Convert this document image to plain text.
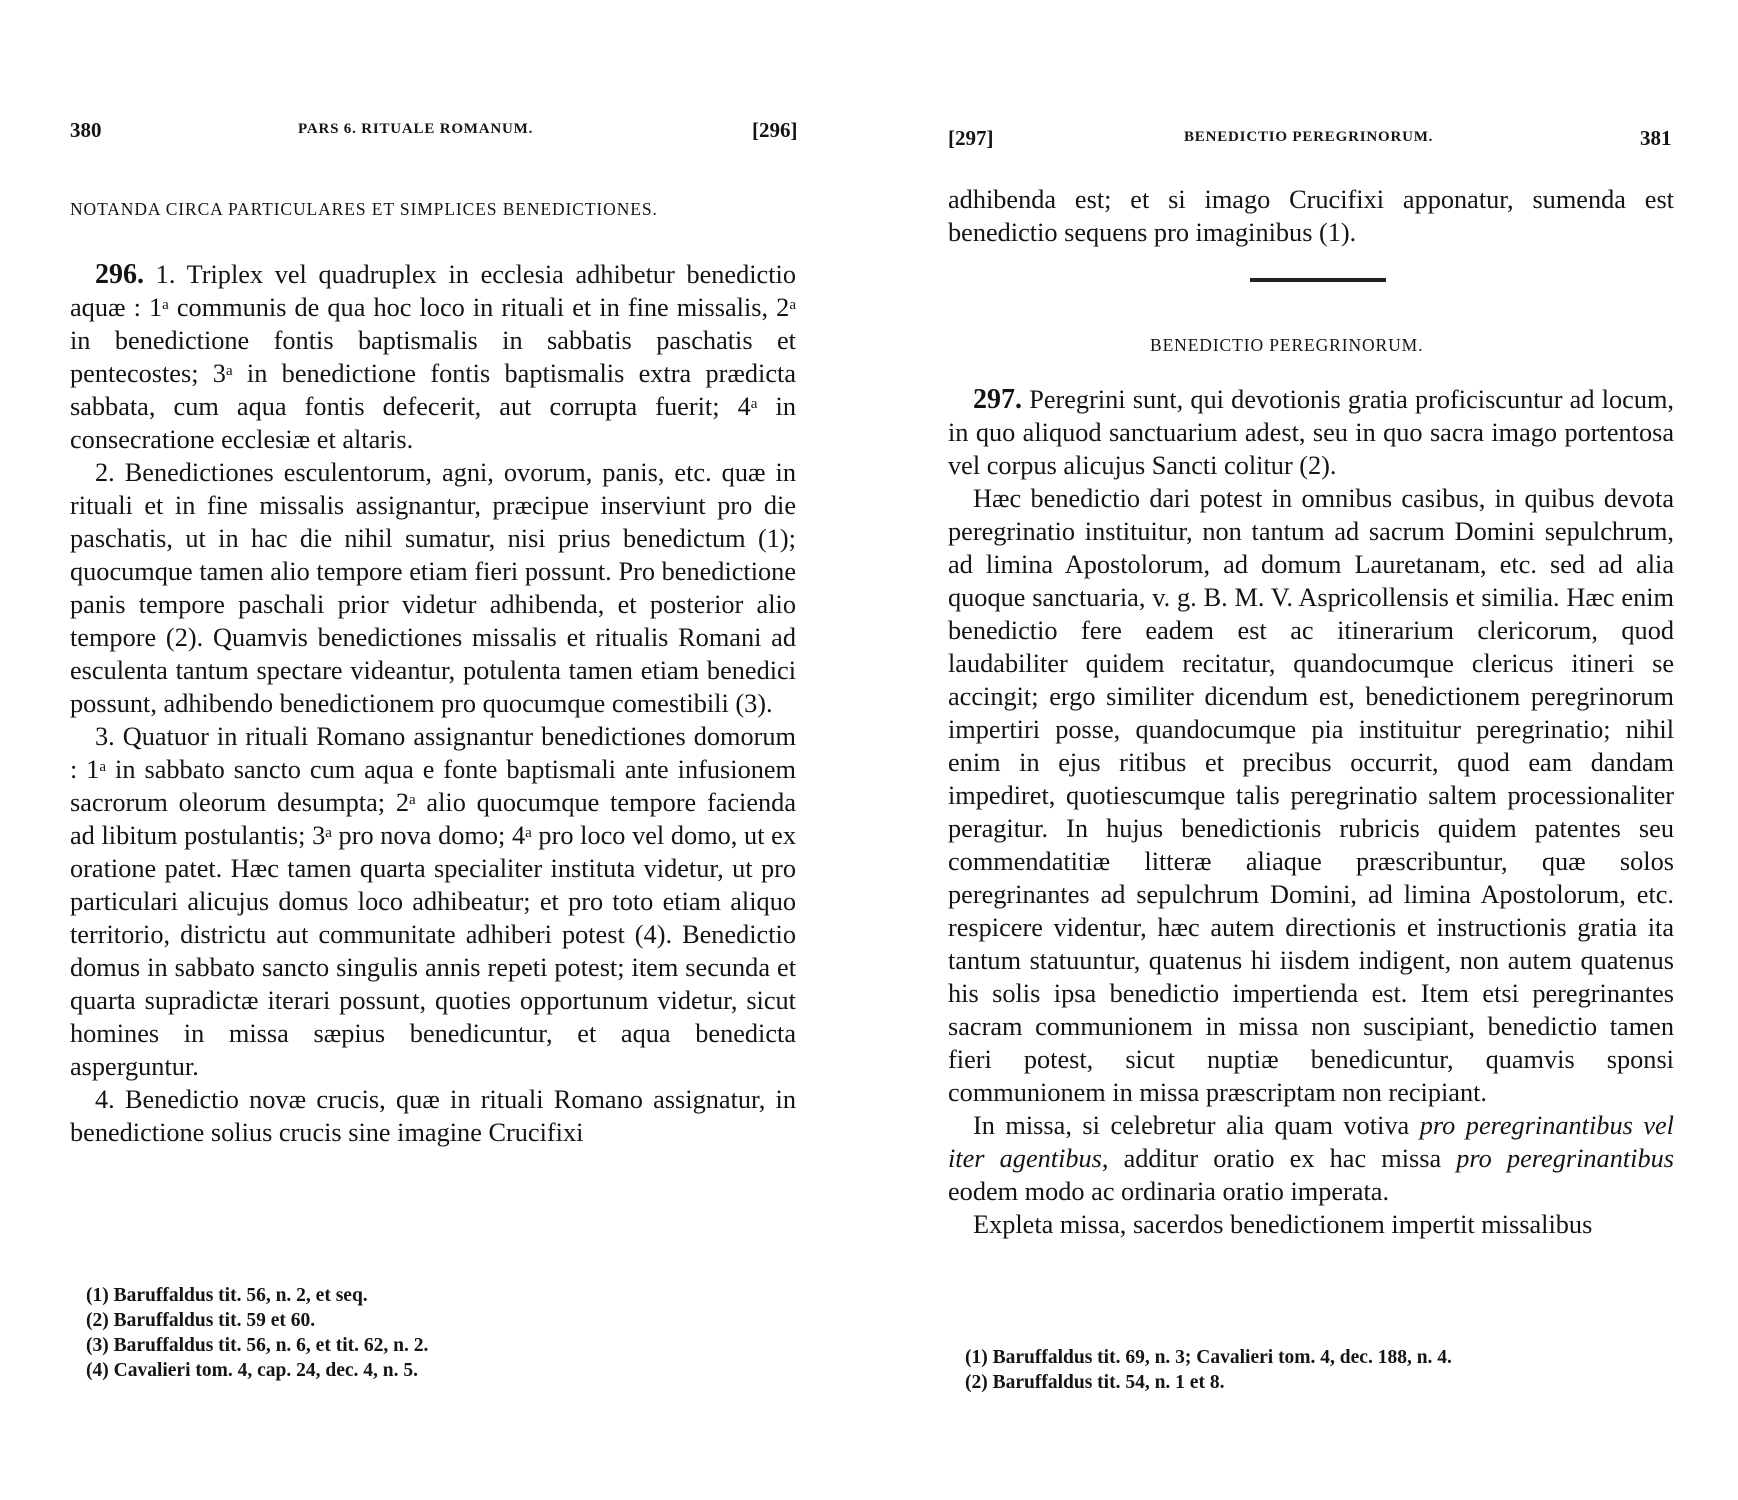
380	PARS 6. RITUALE ROMANUM.	[296]
NOTANDA CIRCA PARTICULARES ET SIMPLICES BENEDICTIONES.

296. 1. Triplex vel quadruplex in ecclesia adhibetur benedictio aquæ : 1$^a$ communis de qua hoc loco in rituali et in fine missalis, 2$^a$ in benedictione fontis baptismalis in sabbatis paschatis et pentecostes; 3$^a$ in benedictione fontis baptismalis extra prædicta sabbata, cum aqua fontis defecerit, aut corrupta fuerit; 4$^a$ in consecratione ecclesiæ et altaris.

2. Benedictiones esculentorum, agni, ovorum, panis, etc. quæ in rituali et in fine missalis assignantur, præcipue inserviunt pro die paschatis, ut in hac die nihil sumatur, nisi prius benedictum (1); quocumque tamen alio tempore etiam fieri possunt. Pro benedictione panis tempore paschali prior videtur adhibenda, et posterior alio tempore (2). Quamvis benedictiones missalis et ritualis Romani ad esculenta tantum spectare videantur, potulenta tamen etiam benedici possunt, adhibendo benedictionem pro quocumque comestibili (3).

3. Quatuor in rituali Romano assignantur benedictiones domorum : 1$^a$ in sabbato sancto cum aqua e fonte baptismali ante infusionem sacrorum oleorum desumpta; 2$^a$ alio quocumque tempore facienda ad libitum postulantis; 3$^a$ pro nova domo; 4$^a$ pro loco vel domo, ut ex oratione patet. Hæc tamen quarta specialiter instituta videtur, ut pro particulari alicujus domus loco adhibeatur; et pro toto etiam aliquo territorio, districtu aut communitate adhiberi potest (4). Benedictio domus in sabbato sancto singulis annis repeti potest; item secunda et quarta supradictæ iterari possunt, quoties opportunum videtur, sicut homines in missa sæpius benedicuntur, et aqua benedicta asperguntur.

4. Benedictio novæ crucis, quæ in rituali Romano assignatur, in benedictione solius crucis sine imagine Crucifixi

(1) Baruffaldus tit. 56, n. 2, et seq.

(2) Baruffaldus tit. 59 et 60.

(3) Baruffaldus tit. 56, n. 6, et tit. 62, n. 2.

(4) Cavalieri tom. 4, cap. 24, dec. 4, n. 5.

[297]	BENEDICTIO PEREGRINORUM.	381

adhibenda est; et si imago Crucifixi apponatur, sumenda est benedictio sequens pro imaginibus (1).

BENEDICTIO PEREGRINORUM.

297. Peregrini sunt, qui devotionis gratia proficiscuntur ad locum, in quo aliquod sanctuarium adest, seu in quo sacra imago portentosa vel corpus alicujus Sancti colitur (2).

Hæc benedictio dari potest in omnibus casibus, in quibus devota peregrinatio instituitur, non tantum ad sacrum Domini sepulchrum, ad limina Apostolorum, ad domum Lauretanam, etc. sed ad alia quoque sanctuaria, v. g. B. M. V. Aspricollensis et similia. Hæc enim benedictio fere eadem est ac itinerarium clericorum, quod laudabiliter quidem recitatur, quandocumque clericus itineri se accingit; ergo similiter dicendum est, benedictionem peregrinorum impertiri posse, quandocumque pia instituitur peregrinatio; nihil enim in ejus ritibus et precibus occurrit, quod eam dandam impediret, quotiescumque talis peregrinatio saltem processionaliter peragitur. In hujus benedictionis rubricis quidem patentes seu commendatitiæ litteræ aliaque præscribuntur, quæ solos peregrinantes ad sepulchrum Domini, ad limina Apostolorum, etc. respicere videntur, hæc autem directionis et instructionis gratia ita tantum statuuntur, quatenus hi iisdem indigent, non autem quatenus his solis ipsa benedictio impertienda est. Item etsi peregrinantes sacram communionem in missa non suscipiant, benedictio tamen fieri potest, sicut nuptiæ benedicuntur, quamvis sponsi communionem in missa præscriptam non recipiant.

In missa, si celebretur alia quam votiva pro peregrinantibus vel iter agentibus, additur oratio ex hac missa pro peregrinantibus eodem modo ac ordinaria oratio imperata.

Expleta missa, sacerdos benedictionem impertit missalibus

(1) Baruffaldus tit. 69, n. 3; Cavalieri tom. 4, dec. 188, n. 4.

(2) Baruffaldus tit. 54, n. 1 et 8.
